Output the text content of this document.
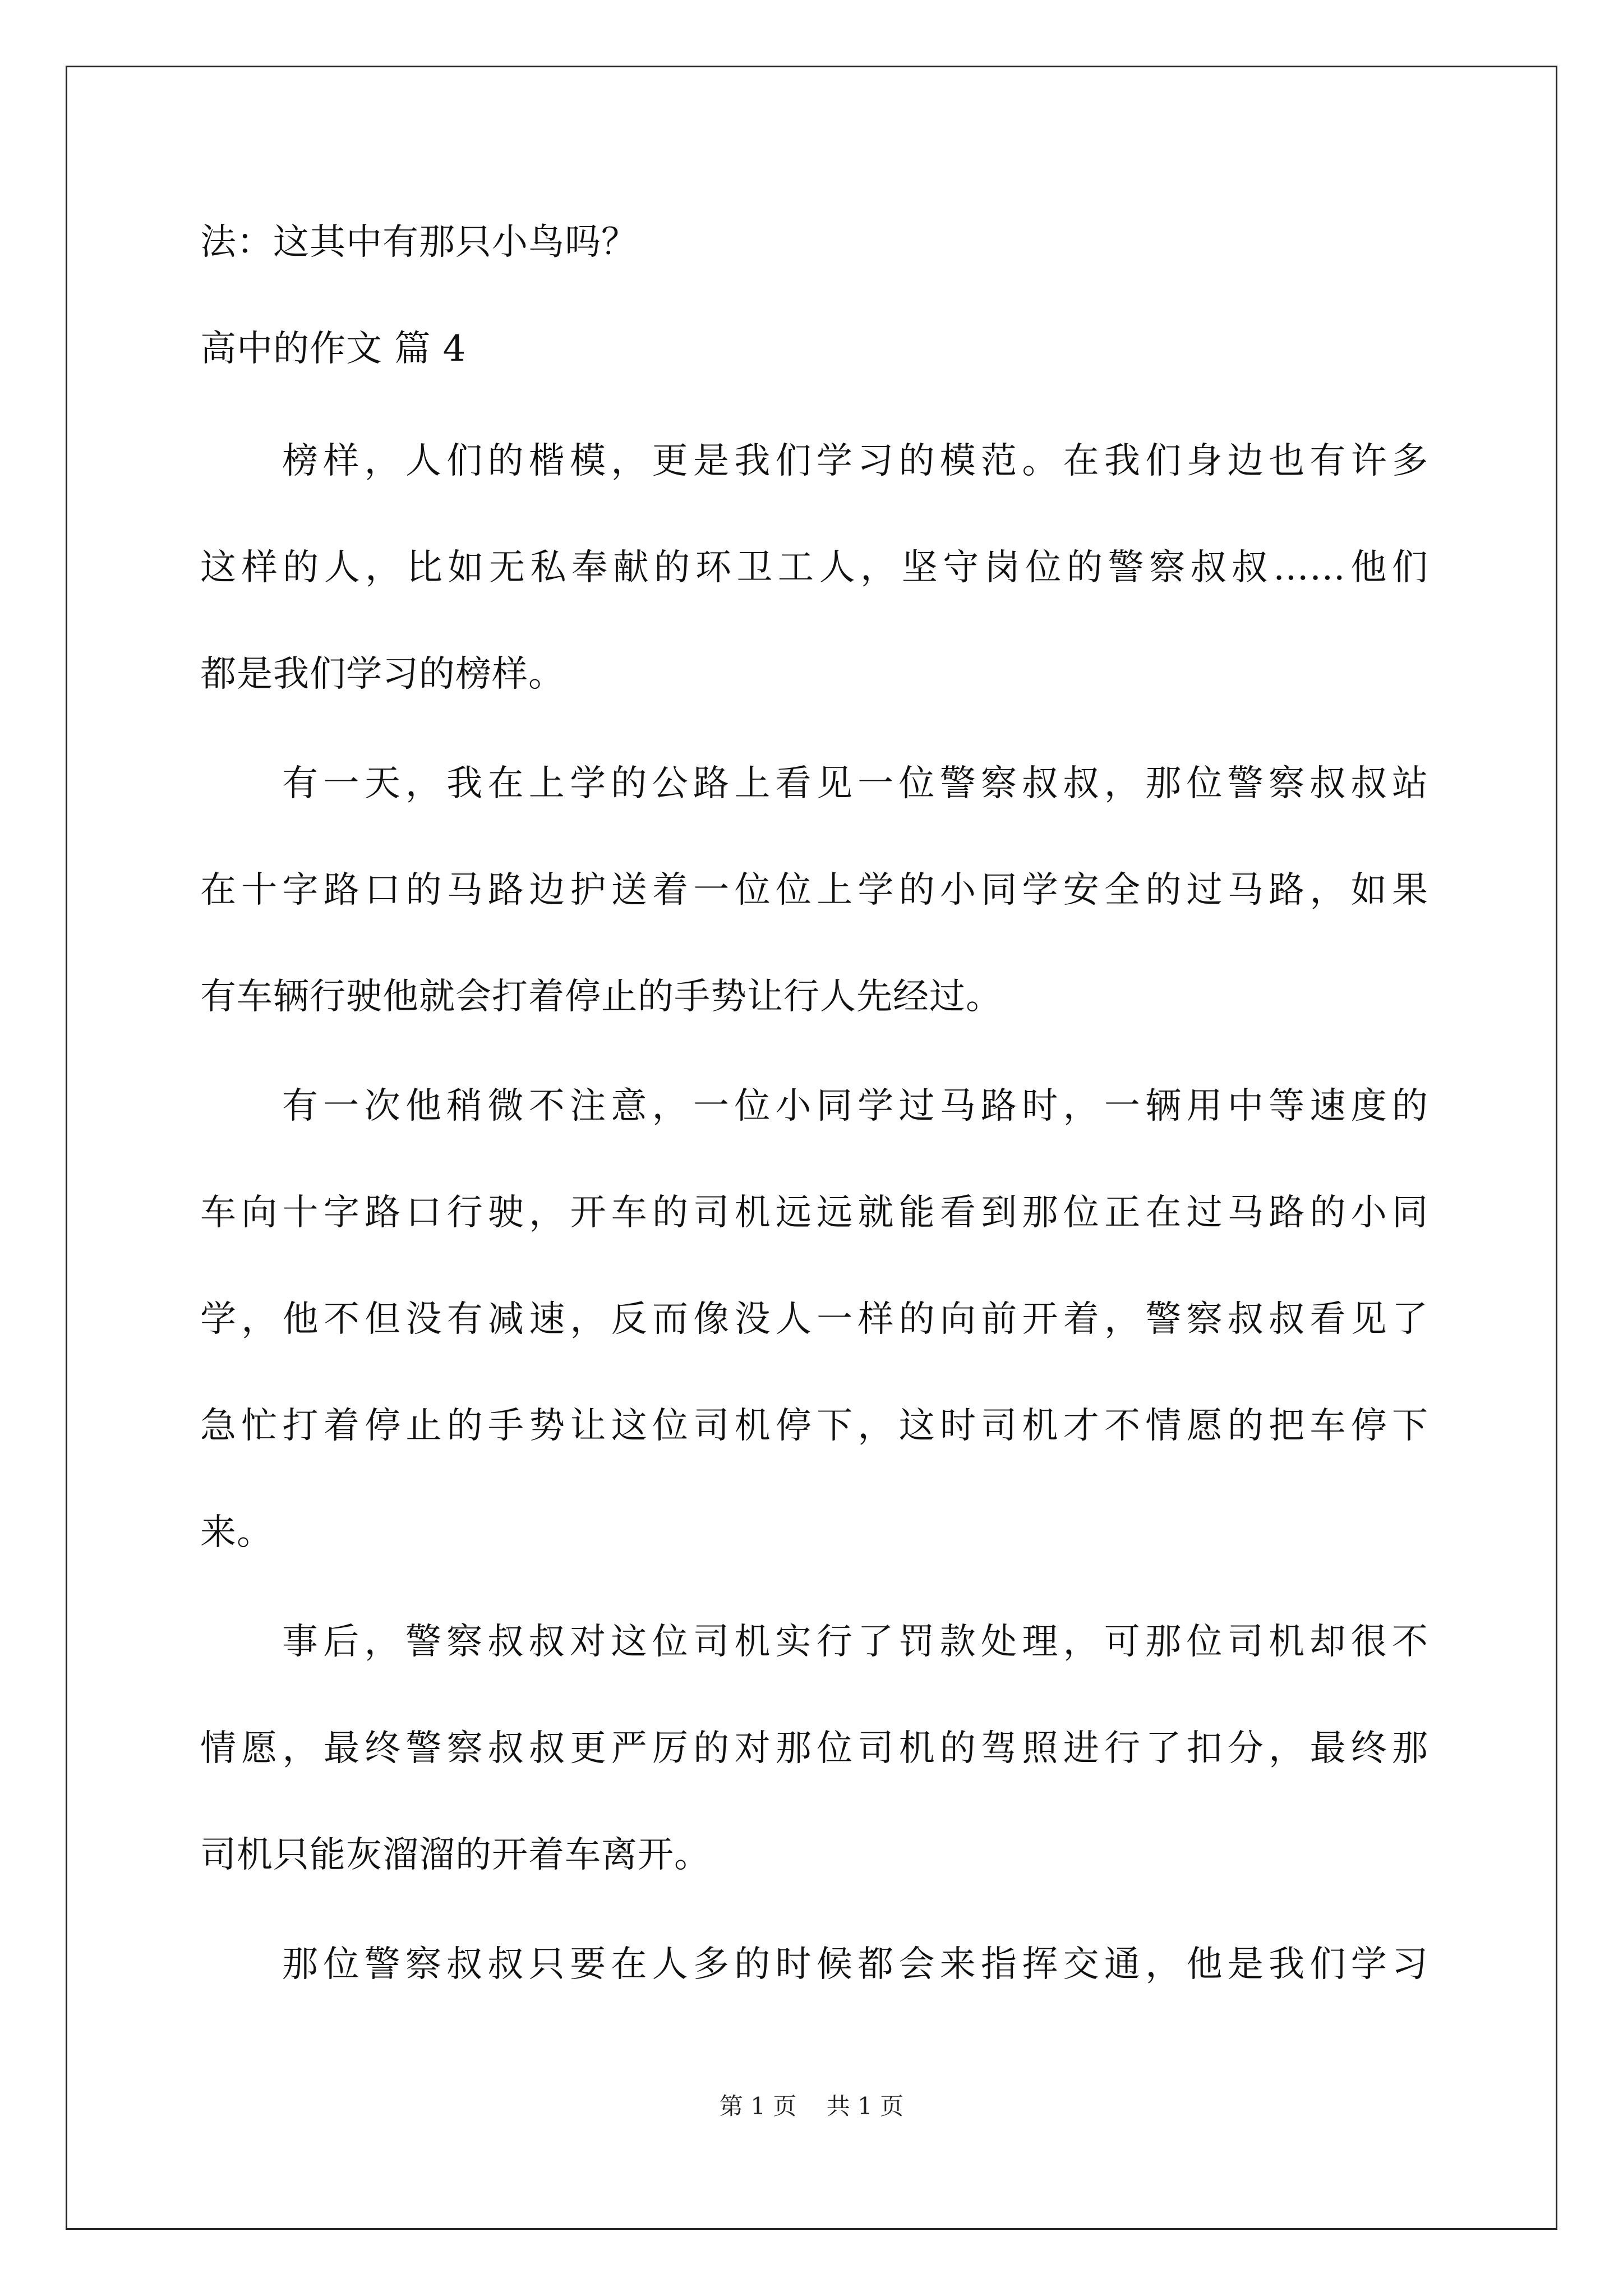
法：这其中有那只小鸟吗？
高中的作文 篇 4
榜样，人们的楷模，更是我们学习的模范。在我们身边也有许多
这样的人，比如无私奉献的环卫工人，坚守岗位的警察叔叔……他们
都是我们学习的榜样。
有一天，我在上学的公路上看见一位警察叔叔，那位警察叔叔站
在十字路口的马路边护送着一位位上学的小同学安全的过马路，如果
有车辆行驶他就会打着停止的手势让行人先经过。
有一次他稍微不注意，一位小同学过马路时，一辆用中等速度的
车向十字路口行驶，开车的司机远远就能看到那位正在过马路的小同
学，他不但没有减速，反而像没人一样的向前开着，警察叔叔看见了
急忙打着停止的手势让这位司机停下，这时司机才不情愿的把车停下
来。
事后，警察叔叔对这位司机实行了罚款处理，可那位司机却很不
情愿，最终警察叔叔更严厉的对那位司机的驾照进行了扣分，最终那
司机只能灰溜溜的开着车离开。
那位警察叔叔只要在人多的时候都会来指挥交通，他是我们学习
第 1 页    共 1 页
